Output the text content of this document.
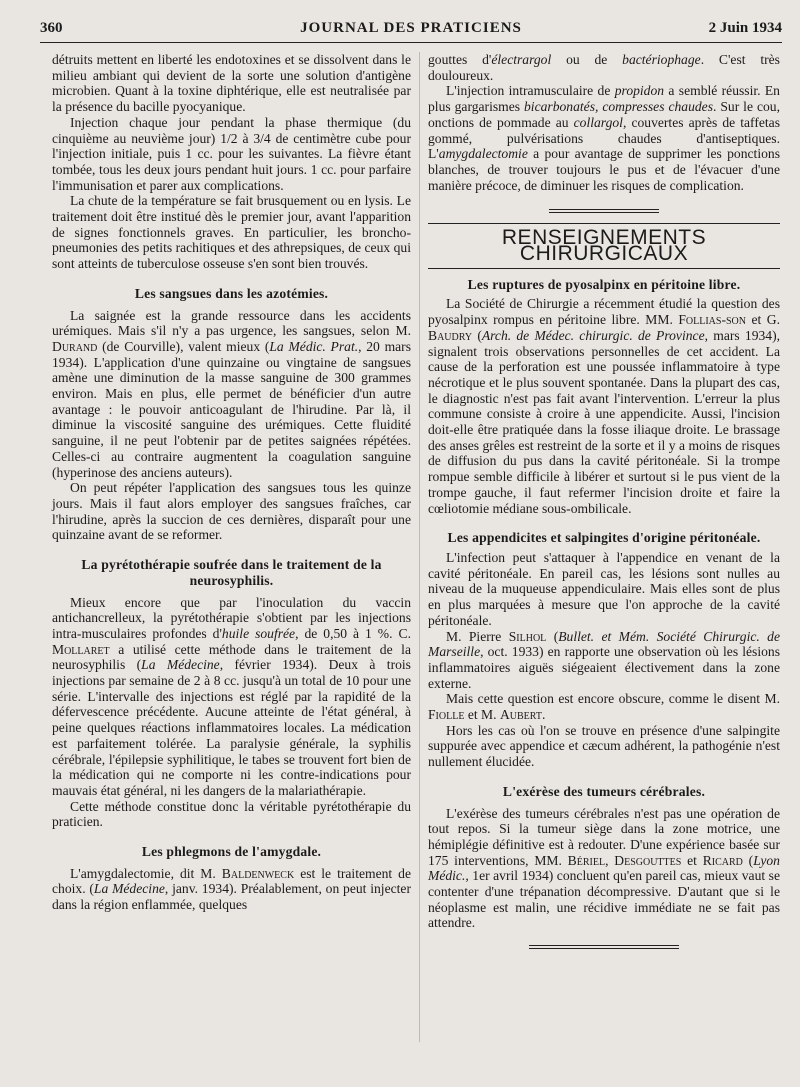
360	JOURNAL DES PRATICIENS	2 Juin 1934

détruits mettent en liberté les endotoxines et se dissolvent dans le milieu ambiant qui devient de la sorte une solution d'antigène microbien. Quant à la toxine diphtérique, elle est neutralisée par la présence du bacille pyocyanique.

Injection chaque jour pendant la phase thermique (du cinquième au neuvième jour) 1/2 à 3/4 de centimètre cube pour l'injection initiale, puis 1 cc. pour les suivantes. La fièvre étant tombée, tous les deux jours pendant huit jours. 1 cc. pour parfaire l'immunisation et parer aux complications.

La chute de la température se fait brusquement ou en lysis. Le traitement doit être institué dès le premier jour, avant l'apparition de signes fonctionnels graves. En particulier, les broncho-pneumonies des petits rachitiques et des athrepsiques, de ceux qui sont atteints de tuberculose osseuse s'en sont bien trouvés.

Les sangsues dans les azotémies.

La saignée est la grande ressource dans les accidents urémiques. Mais s'il n'y a pas urgence, les sangsues, selon M. Durand (de Courville), valent mieux (La Médic. Prat., 20 mars 1934). L'application d'une quinzaine ou vingtaine de sangsues amène une diminution de la masse sanguine de 300 grammes environ. Mais en plus, elle permet de bénéficier d'un autre avantage : le pouvoir anticoagulant de l'hirudine. Par là, il diminue la viscosité sanguine des urémiques. Cette fluidité sanguine, il ne peut l'obtenir par de petites saignées répétées. Celles-ci au contraire augmentent la coagulation sanguine (hyperinose des anciens auteurs).

On peut répéter l'application des sangsues tous les quinze jours. Mais il faut alors employer des sangsues fraîches, car l'hirudine, après la succion de ces dernières, disparaît pour une quinzaine avant de se reformer.

La pyrétothérapie soufrée dans le traitement de la neurosyphilis.

Mieux encore que par l'inoculation du vaccin antichancrelleux, la pyrétothérapie s'obtient par les injections intra-musculaires profondes d'huile soufrée, de 0,50 à 1 %. C. Mollaret a utilisé cette méthode dans le traitement de la neurosyphilis (La Médecine, février 1934). Deux à trois injections par semaine de 2 à 8 cc. jusqu'à un total de 10 pour une série. L'intervalle des injections est réglé par la rapidité de la défervescence précédente. Aucune atteinte de l'état général, à peine quelques réactions inflammatoires locales. La médication est parfaitement tolérée. La paralysie générale, la syphilis cérébrale, l'épilepsie syphilitique, le tabes se trouvent fort bien de la médication qui ne comporte ni les contre-indications pour mauvais état général, ni les dangers de la malariathérapie.

Cette méthode constitue donc la véritable pyrétothérapie du praticien.

Les phlegmons de l'amygdale.

L'amygdalectomie, dit M. Baldenweck est le traitement de choix. (La Médecine, janv. 1934). Préalablement, on peut injecter dans la région enflammée, quelques

gouttes d'électrargol ou de bactériophage. C'est très douloureux.

L'injection intramusculaire de propidon a semblé réussir. En plus gargarismes bicarbonatés, compresses chaudes. Sur le cou, onctions de pommade au collargol, couvertes après de taffetas gommé, pulvérisations chaudes d'antiseptiques. L'amygdalectomie a pour avantage de supprimer les ponctions blanches, de trouver toujours le pus et de l'évacuer d'une manière précoce, de diminuer les risques de complication.

RENSEIGNEMENTS CHIRURGICAUX
Les ruptures de pyosalpinx en péritoine libre.

La Société de Chirurgie a récemment étudié la question des pyosalpinx rompus en péritoine libre. MM. Follias-son et G. Baudry (Arch. de Médec. chirurgic. de Province, mars 1934), signalent trois observations personnelles de cet accident. La cause de la perforation est une poussée inflammatoire à type nécrotique et le plus souvent spontanée. Dans la plupart des cas, le diagnostic n'est pas fait avant l'intervention. L'erreur la plus commune consiste à croire à une appendicite. Aussi, l'incision doit-elle être pratiquée dans la fosse iliaque droite. Le brassage des anses grêles est restreint de la sorte et il y a moins de risques de diffusion du pus dans la cavité péritonéale. Si la trompe rompue semble difficile à libérer et surtout si le pus vient de la trompe gauche, il faut refermer l'incision droite et faire la cœliotomie médiane sous-ombilicale.

Les appendicites et salpingites d'origine péritonéale.

L'infection peut s'attaquer à l'appendice en venant de la cavité péritonéale. En pareil cas, les lésions sont nulles au niveau de la muqueuse appendiculaire. Mais elles sont de plus en plus marquées à mesure que l'on approche de la cavité péritonéale.

M. Pierre Silhol (Bullet. et Mém. Société Chirurgic. de Marseille, oct. 1933) en rapporte une observation où les lésions inflammatoires aiguës siégeaient électivement dans la zone externe.

Mais cette question est encore obscure, comme le disent M. Fiolle et M. Aubert.

Hors les cas où l'on se trouve en présence d'une salpingite suppurée avec appendice et cæcum adhérent, la pathogénie n'est nullement élucidée.

L'exérèse des tumeurs cérébrales.

L'exérèse des tumeurs cérébrales n'est pas une opération de tout repos. Si la tumeur siège dans la zone motrice, une hémiplégie définitive est à redouter. D'une expérience basée sur 175 interventions, MM. Bériel, Desgouttes et Ricard (Lyon Médic., 1er avril 1934) concluent qu'en pareil cas, mieux vaut se contenter d'une trépanation décompressive. D'autant que si le néoplasme est malin, une récidive immédiate ne se fait pas attendre.
